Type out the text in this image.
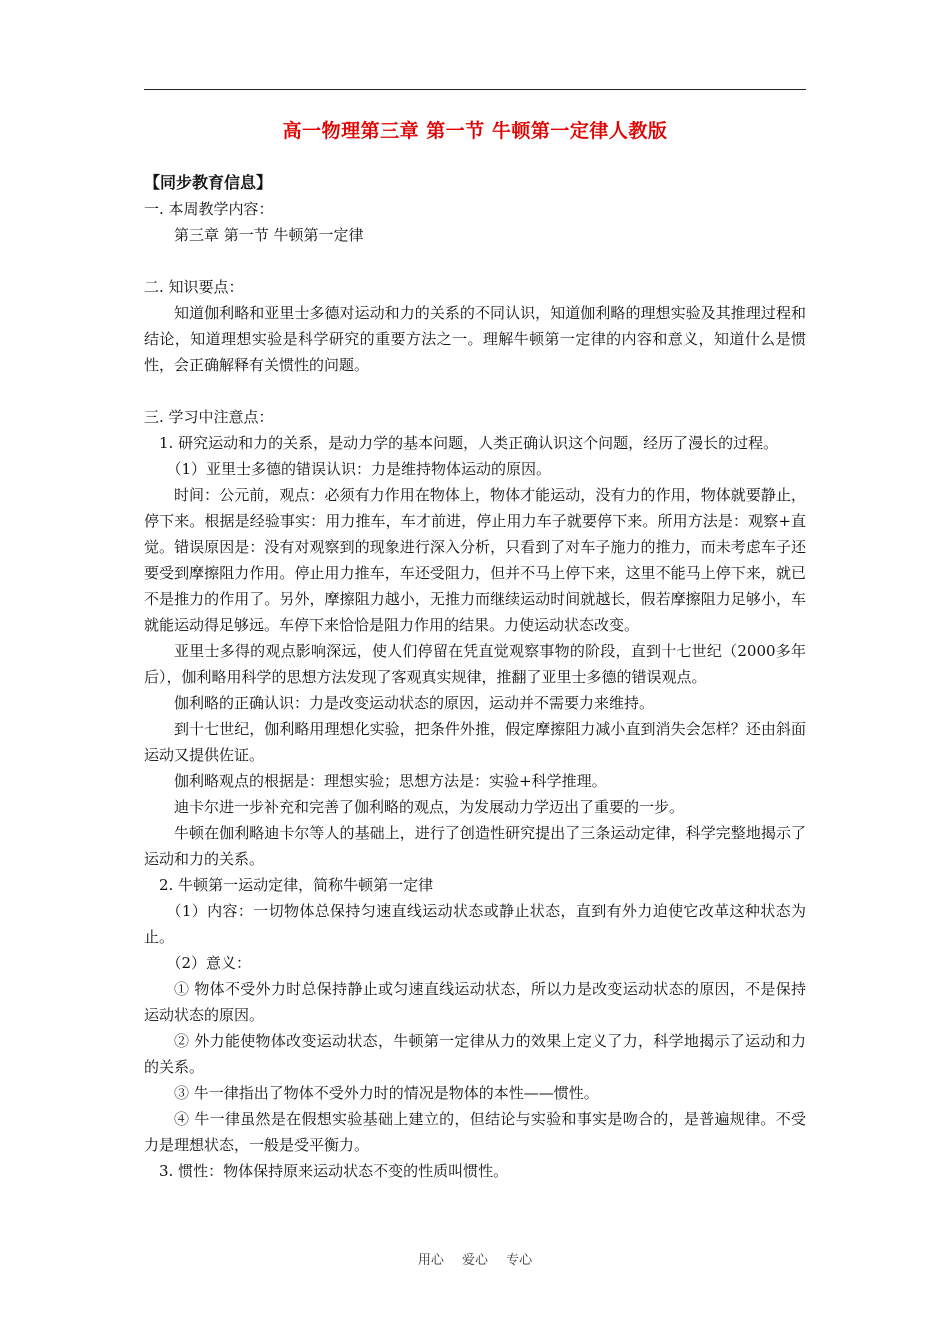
高一物理第三章 第一节 牛顿第一定律人教版

【同步教育信息】

一. 本周教学内容：

第三章 第一节 牛顿第一定律

二. 知识要点：

知道伽利略和亚里士多德对运动和力的关系的不同认识，知道伽利略的理想实验及其推理过程和结论，知道理想实验是科学研究的重要方法之一。理解牛顿第一定律的内容和意义，知道什么是惯性，会正确解释有关惯性的问题。

三. 学习中注意点：

1. 研究运动和力的关系，是动力学的基本问题，人类正确认识这个问题，经历了漫长的过程。

（1）亚里士多德的错误认识：力是维持物体运动的原因。

时间：公元前，观点：必须有力作用在物体上，物体才能运动，没有力的作用，物体就要静止，停下来。根据是经验事实：用力推车，车才前进，停止用力车子就要停下来。所用方法是：观察+直觉。错误原因是：没有对观察到的现象进行深入分析，只看到了对车子施力的推力，而未考虑车子还要受到摩擦阻力作用。停止用力推车，车还受阻力，但并不马上停下来，这里不能马上停下来，就已不是推力的作用了。另外，摩擦阻力越小，无推力而继续运动时间就越长，假若摩擦阻力足够小，车就能运动得足够远。车停下来恰恰是阻力作用的结果。力使运动状态改变。

亚里士多得的观点影响深远，使人们停留在凭直觉观察事物的阶段，直到十七世纪（2000多年后），伽利略用科学的思想方法发现了客观真实规律，推翻了亚里士多德的错误观点。

伽利略的正确认识：力是改变运动状态的原因，运动并不需要力来维持。

到十七世纪，伽利略用理想化实验，把条件外推，假定摩擦阻力减小直到消失会怎样？还由斜面运动又提供佐证。

伽利略观点的根据是：理想实验；思想方法是：实验+科学推理。

迪卡尔进一步补充和完善了伽利略的观点，为发展动力学迈出了重要的一步。

牛顿在伽利略迪卡尔等人的基础上，进行了创造性研究提出了三条运动定律，科学完整地揭示了运动和力的关系。

2. 牛顿第一运动定律，简称牛顿第一定律

（1）内容：一切物体总保持匀速直线运动状态或静止状态，直到有外力迫使它改革这种状态为止。

（2）意义：

① 物体不受外力时总保持静止或匀速直线运动状态，所以力是改变运动状态的原因，不是保持运动状态的原因。

② 外力能使物体改变运动状态，牛顿第一定律从力的效果上定义了力，科学地揭示了运动和力的关系。

③ 牛一律指出了物体不受外力时的情况是物体的本性——惯性。

④ 牛一律虽然是在假想实验基础上建立的，但结论与实验和事实是吻合的，是普遍规律。不受力是理想状态，一般是受平衡力。

3. 惯性：物体保持原来运动状态不变的性质叫惯性。

用心 爱心 专心
